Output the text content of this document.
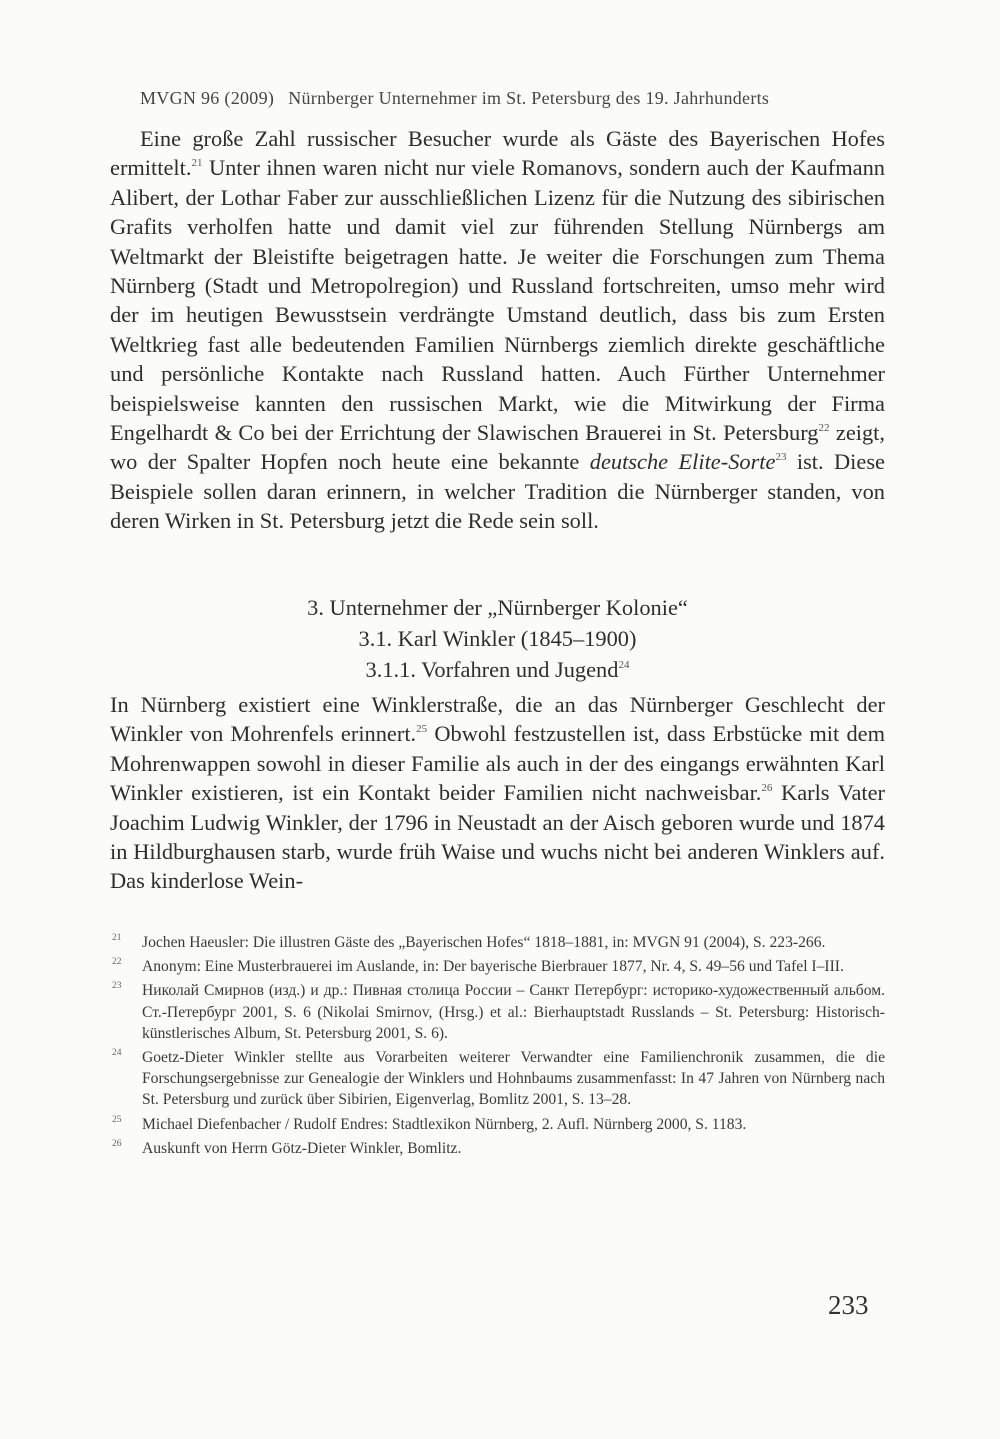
MVGN 96 (2009) Nürnberger Unternehmer im St. Petersburg des 19. Jahrhunderts

Eine große Zahl russischer Besucher wurde als Gäste des Bayerischen Hofes ermittelt.$^{21}$ Unter ihnen waren nicht nur viele Romanovs, sondern auch der Kaufmann Alibert, der Lothar Faber zur ausschließlichen Lizenz für die Nutzung des sibirischen Grafits verholfen hatte und damit viel zur führenden Stellung Nürnbergs am Weltmarkt der Bleistifte beigetragen hatte. Je weiter die Forschungen zum Thema Nürnberg (Stadt und Metropolregion) und Russland fortschreiten, umso mehr wird der im heutigen Bewusstsein verdrängte Umstand deutlich, dass bis zum Ersten Weltkrieg fast alle bedeutenden Familien Nürnbergs ziemlich direkte geschäftliche und persönliche Kontakte nach Russland hatten. Auch Fürther Unternehmer beispielsweise kannten den russischen Markt, wie die Mitwirkung der Firma Engelhardt & Co bei der Errichtung der Slawischen Brauerei in St. Petersburg$^{22}$ zeigt, wo der Spalter Hopfen noch heute eine bekannte deutsche Elite-Sorte$^{23}$ ist. Diese Beispiele sollen daran erinnern, in welcher Tradition die Nürnberger standen, von deren Wirken in St. Petersburg jetzt die Rede sein soll.

3. Unternehmer der „Nürnberger Kolonie“
3.1. Karl Winkler (1845–1900)
3.1.1. Vorfahren und Jugend$^{24}$

In Nürnberg existiert eine Winklerstraße, die an das Nürnberger Geschlecht der Winkler von Mohrenfels erinnert.$^{25}$ Obwohl festzustellen ist, dass Erbstücke mit dem Mohrenwappen sowohl in dieser Familie als auch in der des eingangs erwähnten Karl Winkler existieren, ist ein Kontakt beider Familien nicht nachweisbar.$^{26}$ Karls Vater Joachim Ludwig Winkler, der 1796 in Neustadt an der Aisch geboren wurde und 1874 in Hildburghausen starb, wurde früh Waise und wuchs nicht bei anderen Winklers auf. Das kinderlose Wein-

21 Jochen Haeusler: Die illustren Gäste des „Bayerischen Hofes“ 1818–1881, in: MVGN 91 (2004), S. 223-266.
22 Anonym: Eine Musterbrauerei im Auslande, in: Der bayerische Bierbrauer 1877, Nr. 4, S. 49–56 und Tafel I–III.
23 Николай Смирнов (изд.) и др.: Пивная столица России – Санкт Петербург: историко-художественный альбом. Ст.-Петербург 2001, S. 6 (Nikolai Smirnov, (Hrsg.) et al.: Bierhauptstadt Russlands – St. Petersburg: Historisch-künstlerisches Album, St. Petersburg 2001, S. 6).
24 Goetz-Dieter Winkler stellte aus Vorarbeiten weiterer Verwandter eine Familienchronik zusammen, die die Forschungsergebnisse zur Genealogie der Winklers und Hohnbaums zusammenfasst: In 47 Jahren von Nürnberg nach St. Petersburg und zurück über Sibirien, Eigenverlag, Bomlitz 2001, S. 13–28.
25 Michael Diefenbacher / Rudolf Endres: Stadtlexikon Nürnberg, 2. Aufl. Nürnberg 2000, S. 1183.
26 Auskunft von Herrn Götz-Dieter Winkler, Bomlitz.
233
